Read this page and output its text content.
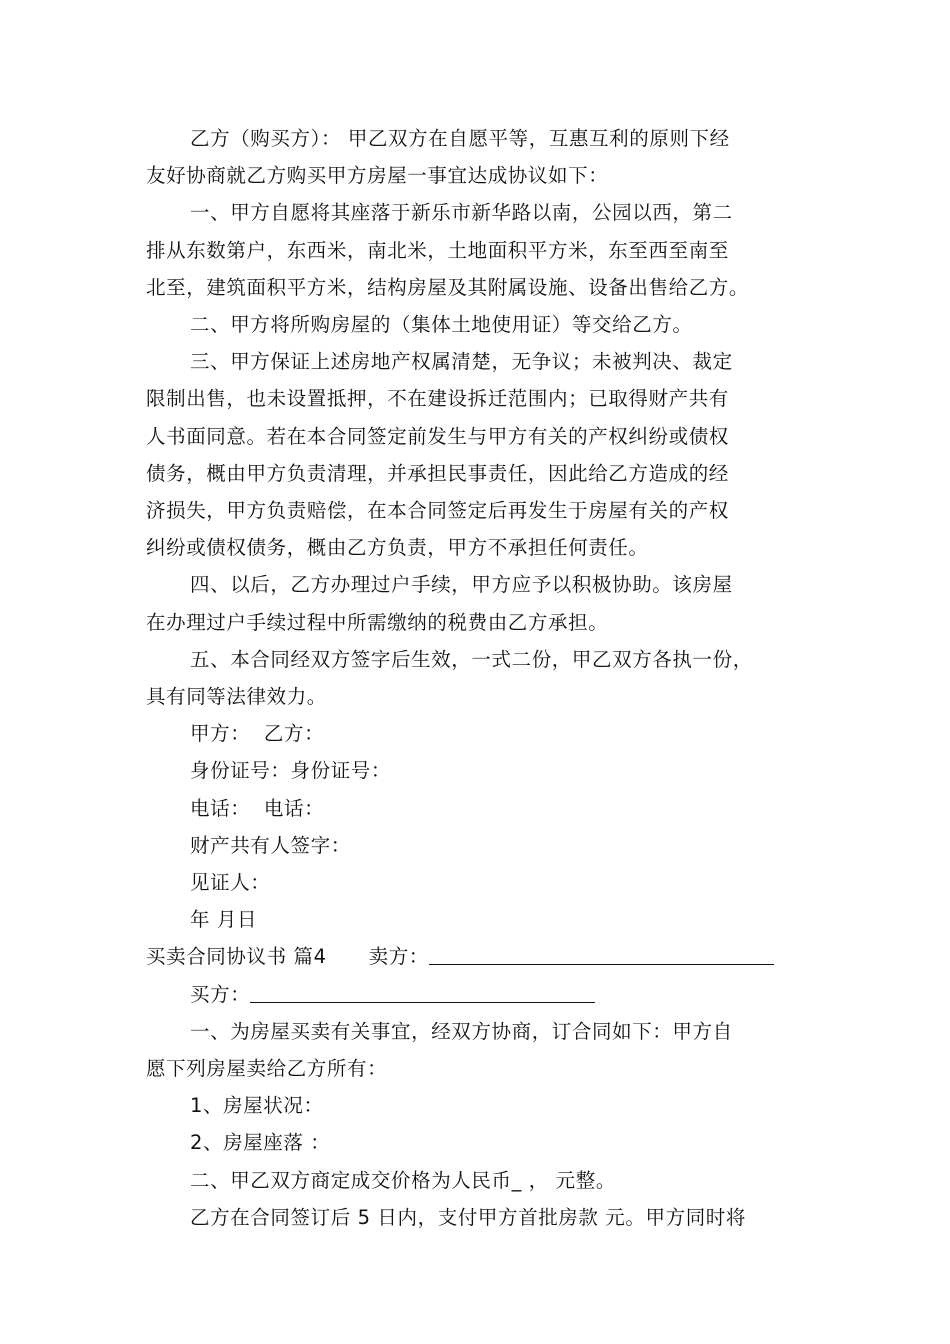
乙方（购买方）： 甲乙双方在自愿平等，互惠互利的原则下经
友好协商就乙方购买甲方房屋一事宜达成协议如下：
一、甲方自愿将其座落于新乐市新华路以南，公园以西，第二
排从东数第户，东西米，南北米，土地面积平方米，东至西至南至
北至，建筑面积平方米，结构房屋及其附属设施、设备出售给乙方。
二、甲方将所购房屋的（集体土地使用证）等交给乙方。
三、甲方保证上述房地产权属清楚，无争议；未被判决、裁定
限制出售，也未设置抵押，不在建设拆迁范围内；已取得财产共有
人书面同意。若在本合同签定前发生与甲方有关的产权纠纷或债权
债务，概由甲方负责清理，并承担民事责任，因此给乙方造成的经
济损失，甲方负责赔偿，在本合同签定后再发生于房屋有关的产权
纠纷或债权债务，概由乙方负责，甲方不承担任何责任。
四、以后，乙方办理过户手续，甲方应予以积极协助。该房屋
在办理过户手续过程中所需缴纳的税费由乙方承担。
五、本合同经双方签字后生效，一式二份，甲乙双方各执一份，
具有同等法律效力。
甲方：  乙方：
身份证号：身份证号：
电话：  电话：
财产共有人签字：
见证人：
年 月日
买卖合同协议书 篇4 卖方：
买方：
一、为房屋买卖有关事宜，经双方协商，订合同如下：甲方自
愿下列房屋卖给乙方所有：
1、房屋状况：
2、房屋座落 ：
二、甲乙双方商定成交价格为人民币_ ， 元整。
乙方在合同签订后 5 日内，支付甲方首批房款 元。甲方同时将
